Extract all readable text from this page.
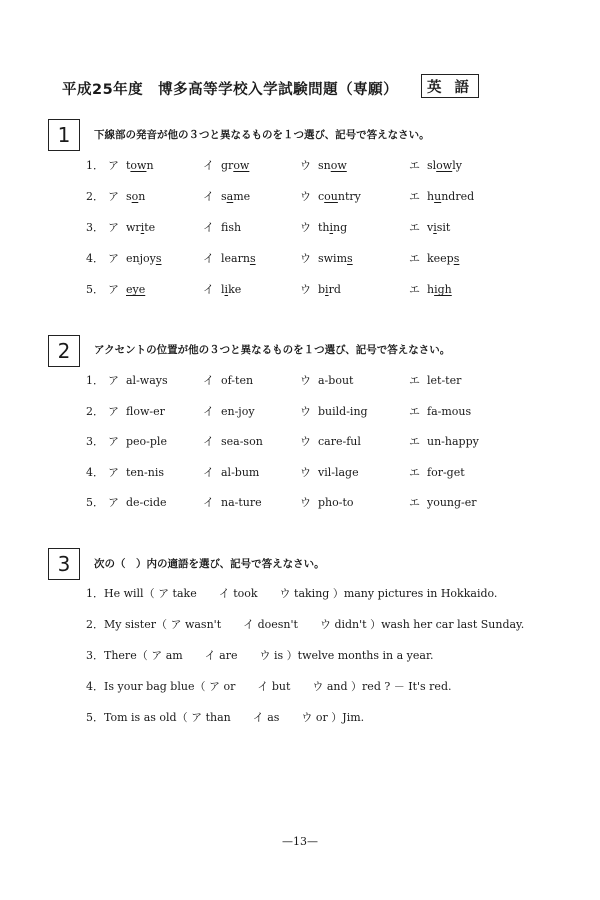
平成25年度　博多高等学校入学試験問題（専願）	英 語
1	下線部の発音が他の３つと異なるものを１つ選び、記号で答えなさい。
1． ア town	イ grow	ウ snow	エ slowly
2． ア son	イ same	ウ country	エ hundred
3． ア write	イ fsh	ウ thing	エ visit
4． ア enjoys	イ learns	ウ swims	エ keeps
5． ア eye	イ like	ウ bird	エ high
2	アクセントの位置が他の３つと異なるものを１つ選び、記号で答えなさい。
1． ア al-ways	イ of-ten	ウ a-bout	エ let-ter
2． ア flow-er	イ en-joy	ウ build-ing	エ fa-mous
3． ア peo-ple	イ sea-son	ウ care-ful	エ un-happy
4． ア ten-nis	イ al-bum	ウ vil-lage	エ for-get
5． ア de-cide	イ na-ture	ウ pho-to	エ young-er
3	次の（　）内の適語を選び、記号で答えなさい。
1．He will（ ア take　　イ took　　ウ taking ）many pictures in Hokkaido.
2．My sister（ ア wasn't　　イ doesn't　　ウ didn't ）wash her car last Sunday.
3．There（ ア am　　イ are　　ウ is ）twelve months in a year.
4．Is your bag blue（ ア or　　イ but　　ウ and ）red ? － It's red.
5．Tom is as old（ ア than　　イ as　　ウ or ）Jim.
—13—
